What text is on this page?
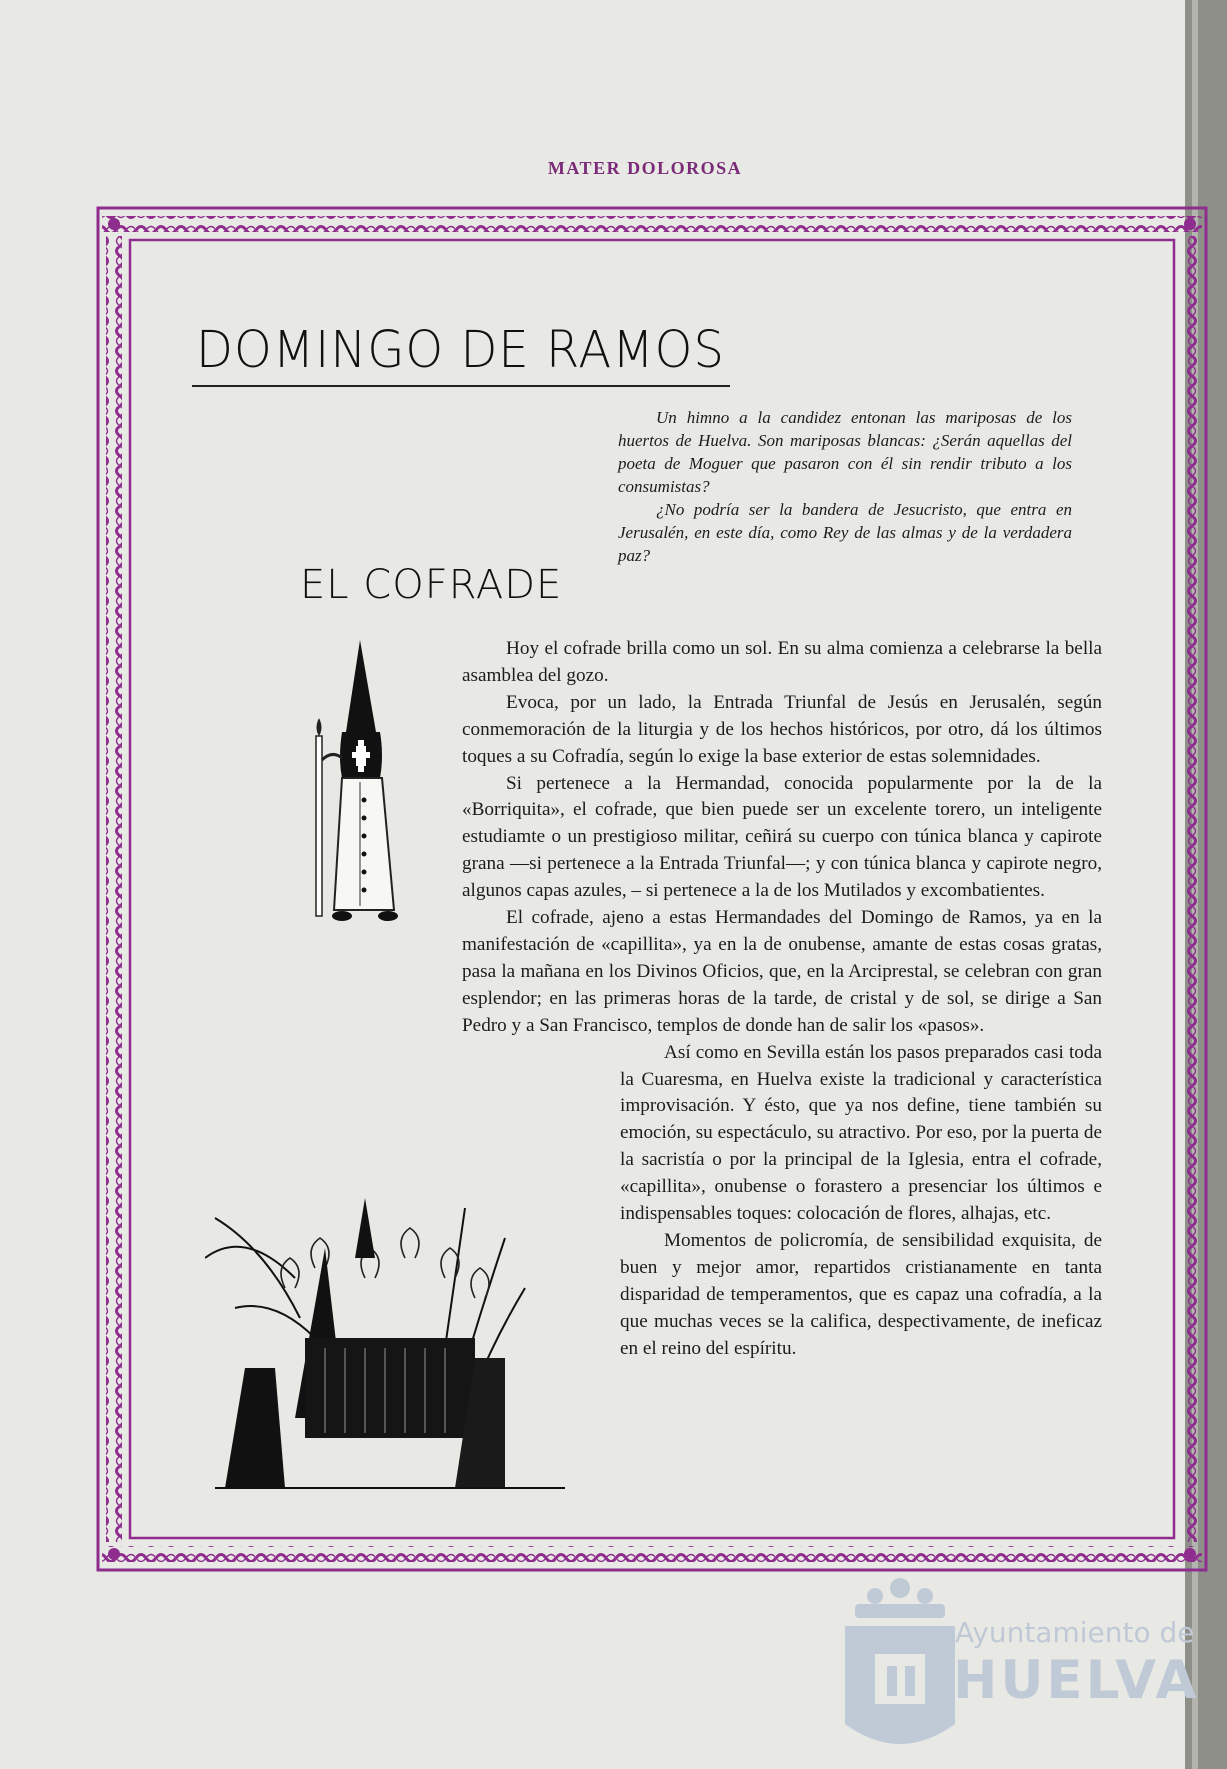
MATER DOLOROSA
DOMINGO DE RAMOS

Un himno a la candidez entonan las mariposas de los huertos de Huelva. Son mariposas blancas: ¿Serán aquellas del poeta de Moguer que pasaron con él sin rendir tributo a los consumistas?

¿No podría ser la bandera de Jesucristo, que entra en Jerusalén, en este día, como Rey de las almas y de la verdadera paz?

EL COFRADE

Hoy el cofrade brilla como un sol. En su alma comienza a celebrarse la bella asamblea del gozo.

Evoca, por un lado, la Entrada Triunfal de Jesús en Jerusalén, según conmemoración de la liturgia y de los hechos históricos, por otro, dá los últimos toques a su Cofradía, según lo exige la base exterior de estas solemnidades.

Si pertenece a la Hermandad, conocida popularmente por la de la «Borriquita», el cofrade, que bien puede ser un excelente torero, un inteligente estudiamte o un prestigioso militar, ceñirá su cuerpo con túnica blanca y capirote grana —si pertenece a la Entrada Triunfal—; y con túnica blanca y capirote negro, algunos capas azules, – si pertenece a la de los Mutilados y excombatientes.

El cofrade, ajeno a estas Hermandades del Domingo de Ramos, ya en la manifestación de «capillita», ya en la de onubense, amante de estas cosas gratas, pasa la mañana en los Divinos Oficios, que, en la Arciprestal, se celebran con gran esplendor; en las primeras horas de la tarde, de cristal y de sol, se dirige a San Pedro y a San Francisco, templos de donde han de salir los «pasos».

Así como en Sevilla están los pasos preparados casi toda la Cuaresma, en Huelva existe la tradicional y característica improvisación. Y ésto, que ya nos define, tiene también su emoción, su espectáculo, su atractivo. Por eso, por la puerta de la sacristía o por la principal de la Iglesia, entra el cofrade, «capillita», onubense o forastero a presenciar los últimos e indispensables toques: colocación de flores, alhajas, etc.

Momentos de policromía, de sensibilidad exquisita, de buen y mejor amor, repartidos cristianamente en tanta disparidad de temperamentos, que es capaz una cofradía, a la que muchas veces se la califica, despectivamente, de ineficaz en el reino del espíritu.

Ayuntamiento de
HUELVA
